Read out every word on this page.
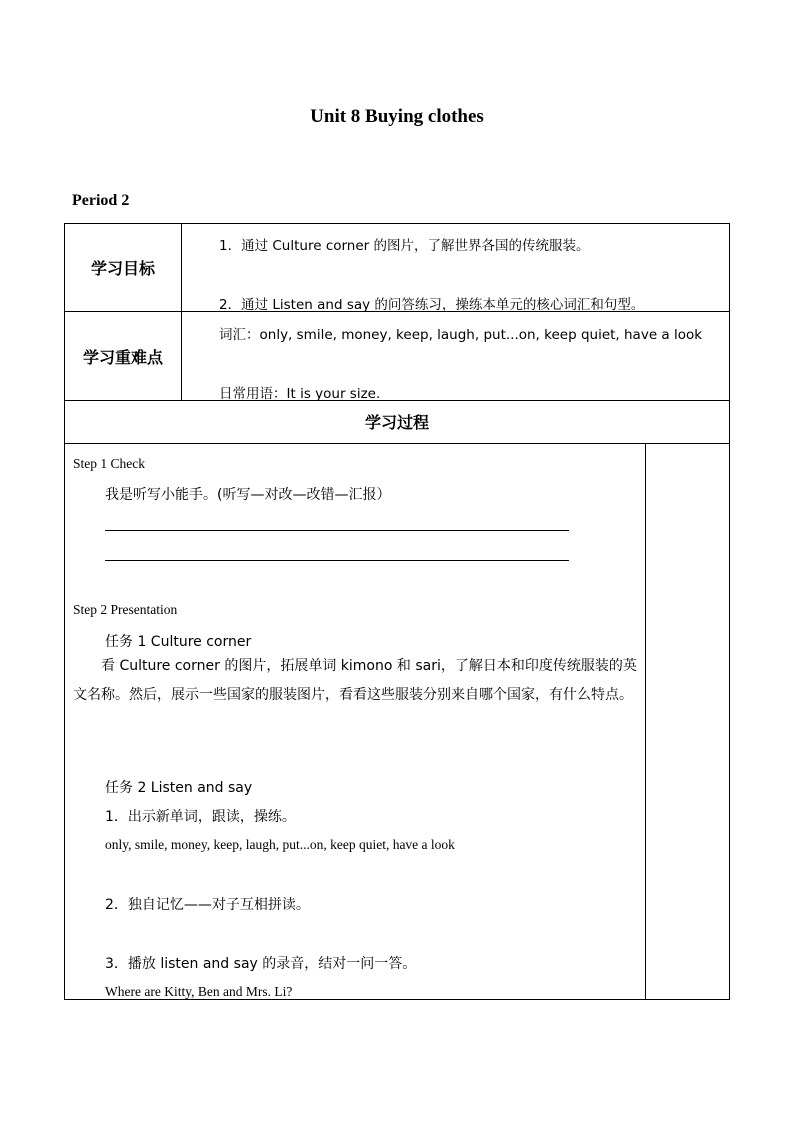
Unit 8 Buying clothes
Period 2
学习目标
1．通过 Culture corner 的图片，了解世界各国的传统服装。
2．通过 Listen and say 的问答练习，操练本单元的核心词汇和句型。
学习重难点
词汇：only, smile, money, keep, laugh, put...on, keep quiet, have a look
日常用语：It is your size.
学习过程
Step 1 Check
我是听写小能手。(听写—对改—改错—汇报）
Step 2 Presentation
任务 1 Culture corner
看 Culture corner 的图片，拓展单词 kimono 和 sari，了解日本和印度传统服装的英文名称。然后，展示一些国家的服装图片，看看这些服装分别来自哪个国家，有什么特点。
任务 2 Listen and say
1．出示新单词，跟读，操练。
only, smile, money, keep, laugh, put...on, keep quiet, have a look
2．独自记忆——对子互相拼读。
3．播放 listen and say 的录音，结对一问一答。
Where are Kitty, Ben and Mrs. Li?
